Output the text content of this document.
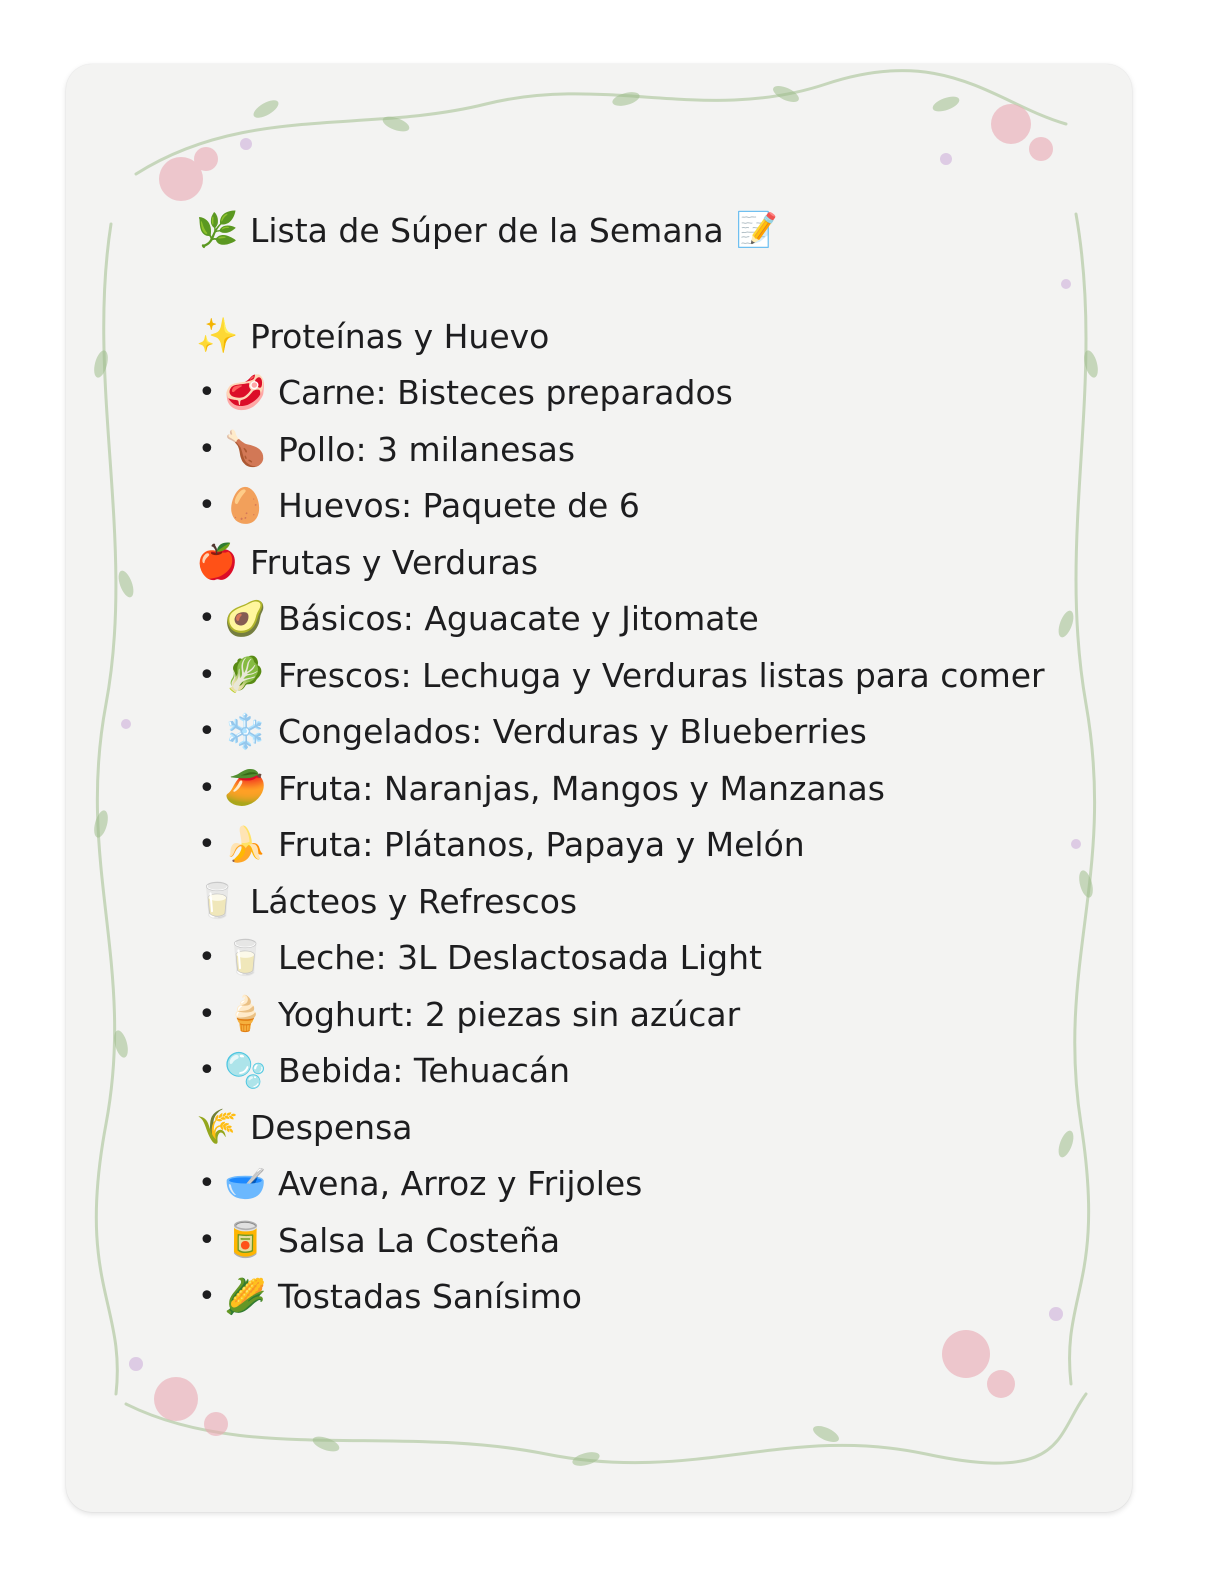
🌿 Lista de Súper de la Semana 📝
✨ Proteínas y Huevo
• 🥩 Carne: Bisteces preparados
• 🍗 Pollo: 3 milanesas
• 🥚 Huevos: Paquete de 6
🍎 Frutas y Verduras
• 🥑 Básicos: Aguacate y Jitomate
• 🥬 Frescos: Lechuga y Verduras listas para comer
• ❄️ Congelados: Verduras y Blueberries
• 🥭 Fruta: Naranjas, Mangos y Manzanas
• 🍌 Fruta: Plátanos, Papaya y Melón
🥛 Lácteos y Refrescos
• 🥛 Leche: 3L Deslactosada Light
• 🍦 Yoghurt: 2 piezas sin azúcar
• 🫧 Bebida: Tehuacán
🌾 Despensa
• 🥣 Avena, Arroz y Frijoles
• 🥫 Salsa La Costeña
• 🌽 Tostadas Sanísimo
